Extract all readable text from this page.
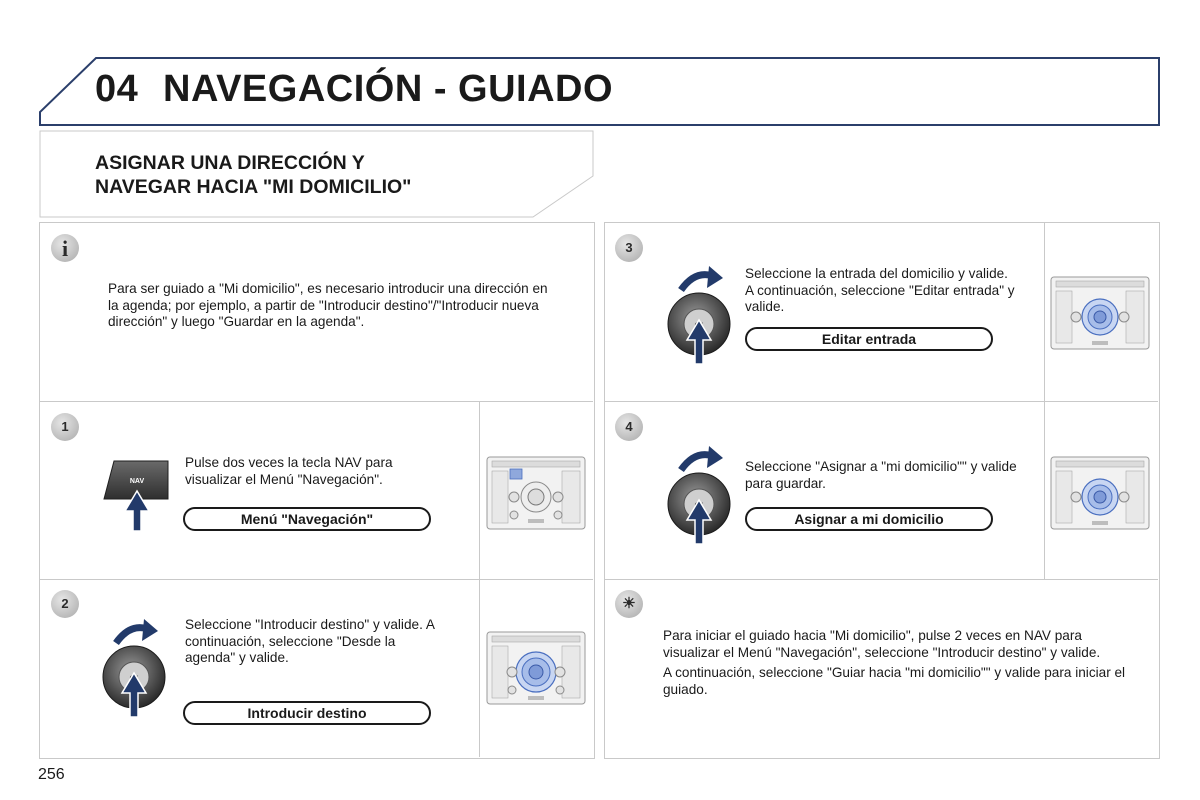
04 NAVEGACIÓN - GUIADO
ASIGNAR UNA DIRECCIÓN Y
NAVEGAR HACIA "MI DOMICILIO"
i
Para ser guiado a "Mi domicilio", es necesario introducir una dirección en la agenda; por ejemplo, a partir de "Introducir destino"/"Introducir nueva dirección" y luego "Guardar en la agenda".
1
NAV
Pulse dos veces la tecla NAV para visualizar el Menú "Navegación".
Menú "Navegación"
2
Seleccione "Introducir destino" y valide. A continuación, seleccione "Desde la agenda" y valide.
Introducir destino
3
Seleccione la entrada del domicilio y valide. A continuación, seleccione "Editar entrada" y valide.
Editar entrada
4
Seleccione "Asignar a "mi domicilio"" y valide para guardar.
Asignar a mi domicilio
☀

Para iniciar el guiado hacia "Mi domicilio", pulse 2 veces en NAV para visualizar el Menú "Navegación", seleccione "Introducir destino" y valide.

A continuación, seleccione "Guiar hacia "mi domicilio"" y valide para iniciar el guiado.

256
